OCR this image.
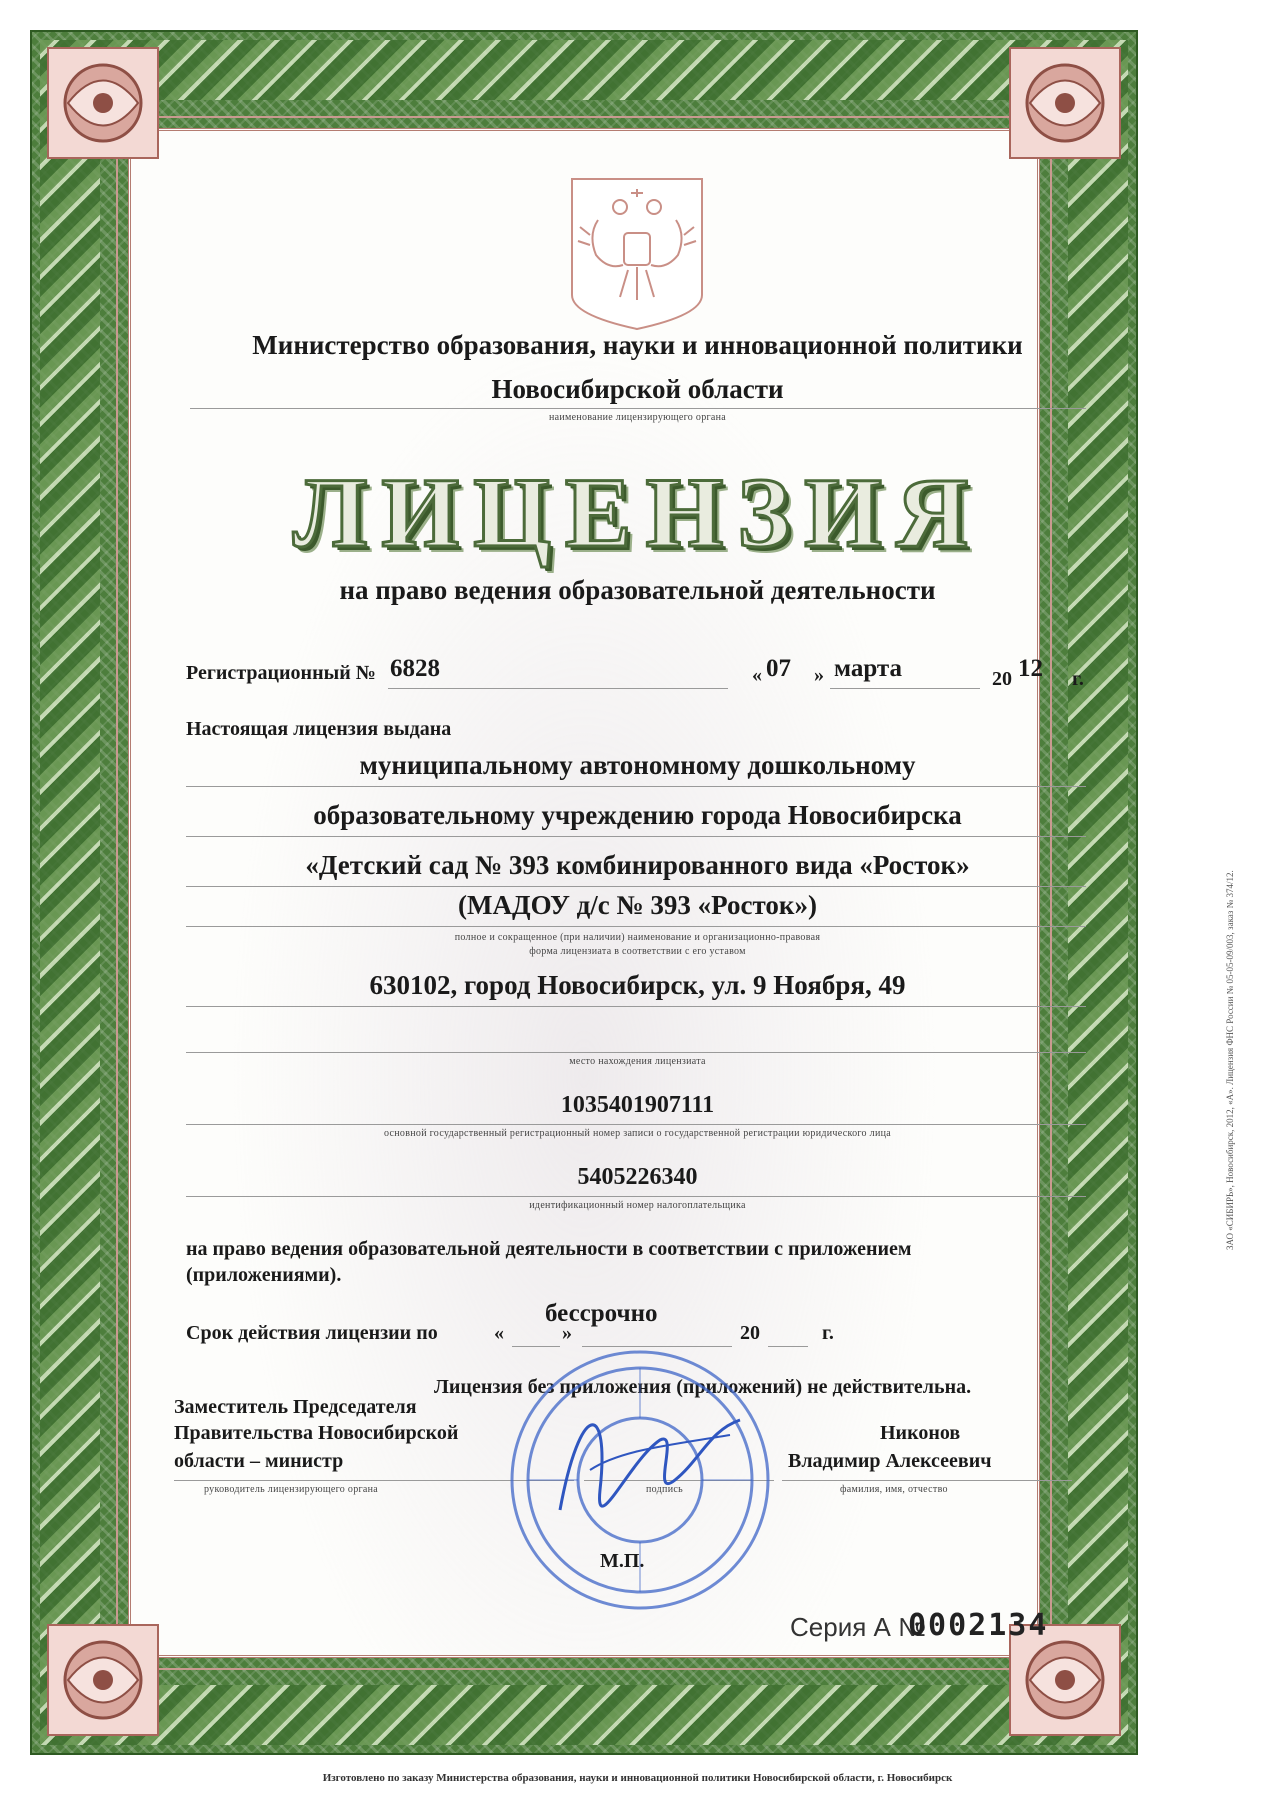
Министерство образования, науки и инновационной политики
Новосибирской области
наименование лицензирующего органа
ЛИЦЕНЗИЯ
на право ведения образовательной деятельности
Регистрационный № 6828	« 07 » марта	20 12 г.
Настоящая лицензия выдана
муниципальному автономному дошкольному
образовательному учреждению города Новосибирска
«Детский сад № 393 комбинированного вида «Росток»
(МАДОУ д/с № 393 «Росток»)
полное и сокращенное (при наличии) наименование и организационно-правовая
форма лицензиата в соответствии с его уставом
630102, город Новосибирск, ул. 9 Ноября, 49
место нахождения лицензиата
1035401907111
основной государственный регистрационный номер записи о государственной регистрации юридического лица
5405226340
идентификационный номер налогоплательщика
на право ведения образовательной деятельности в соответствии с приложением
(приложениями).
Срок действия лицензии по	«	»
бессрочно
20	г.
Лицензия без приложения (приложений) не действительна.
Заместитель Председателя
Правительства Новосибирской
области – министр
руководитель лицензирующего органа
Никонов
Владимир Алексеевич
фамилия, имя, отчество
подпись
М.П.
Серия А №
0002134
Изготовлено по заказу Министерства образования, науки и инновационной политики Новосибирской области, г. Новосибирск
ЗАО «СИБИРЬ», Новосибирск, 2012, «А». Лицензия ФНС России № 05-05-09/003, заказ № 374/12.
